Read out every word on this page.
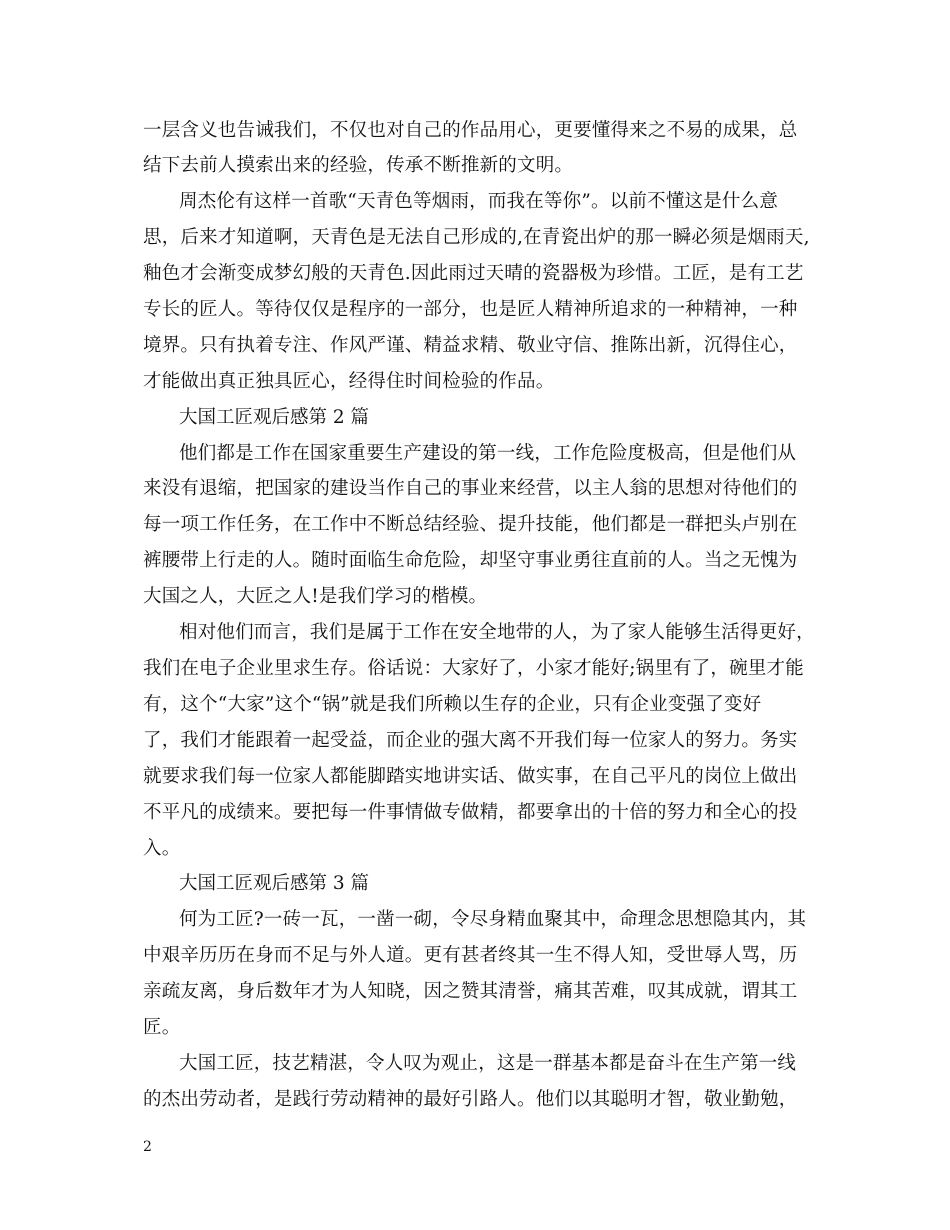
一层含义也告诫我们，不仅也对自己的作品用心，更要懂得来之不易的成果，总
结下去前人摸索出来的经验，传承不断推新的文明。
周杰伦有这样一首歌“天青色等烟雨，而我在等你”。以前不懂这是什么意
思，后来才知道啊，天青色是无法自己形成的,在青瓷出炉的那一瞬必须是烟雨天,
釉色才会渐变成梦幻般的天青色.因此雨过天晴的瓷器极为珍惜。工匠，是有工艺
专长的匠人。等待仅仅是程序的一部分，也是匠人精神所追求的一种精神，一种
境界。只有执着专注、作风严谨、精益求精、敬业守信、推陈出新，沉得住心，
才能做出真正独具匠心，经得住时间检验的作品。
大国工匠观后感第 2 篇
他们都是工作在国家重要生产建设的第一线，工作危险度极高，但是他们从
来没有退缩，把国家的建设当作自己的事业来经营，以主人翁的思想对待他们的
每一项工作任务，在工作中不断总结经验、提升技能，他们都是一群把头卢别在
裤腰带上行走的人。随时面临生命危险，却坚守事业勇往直前的人。当之无愧为
大国之人，大匠之人!是我们学习的楷模。
相对他们而言，我们是属于工作在安全地带的人，为了家人能够生活得更好，
我们在电子企业里求生存。俗话说：大家好了，小家才能好;锅里有了，碗里才能
有，这个“大家”这个“锅”就是我们所赖以生存的企业，只有企业变强了变好
了，我们才能跟着一起受益，而企业的强大离不开我们每一位家人的努力。务实
就要求我们每一位家人都能脚踏实地讲实话、做实事，在自己平凡的岗位上做出
不平凡的成绩来。要把每一件事情做专做精，都要拿出的十倍的努力和全心的投
入。
大国工匠观后感第 3 篇
何为工匠?一砖一瓦，一凿一砌，令尽身精血聚其中，命理念思想隐其内，其
中艰辛历历在身而不足与外人道。更有甚者终其一生不得人知，受世辱人骂，历
亲疏友离，身后数年才为人知晓，因之赞其清誉，痛其苦难，叹其成就，谓其工
匠。
大国工匠，技艺精湛，令人叹为观止，这是一群基本都是奋斗在生产第一线
的杰出劳动者，是践行劳动精神的最好引路人。他们以其聪明才智，敬业勤勉，
2
